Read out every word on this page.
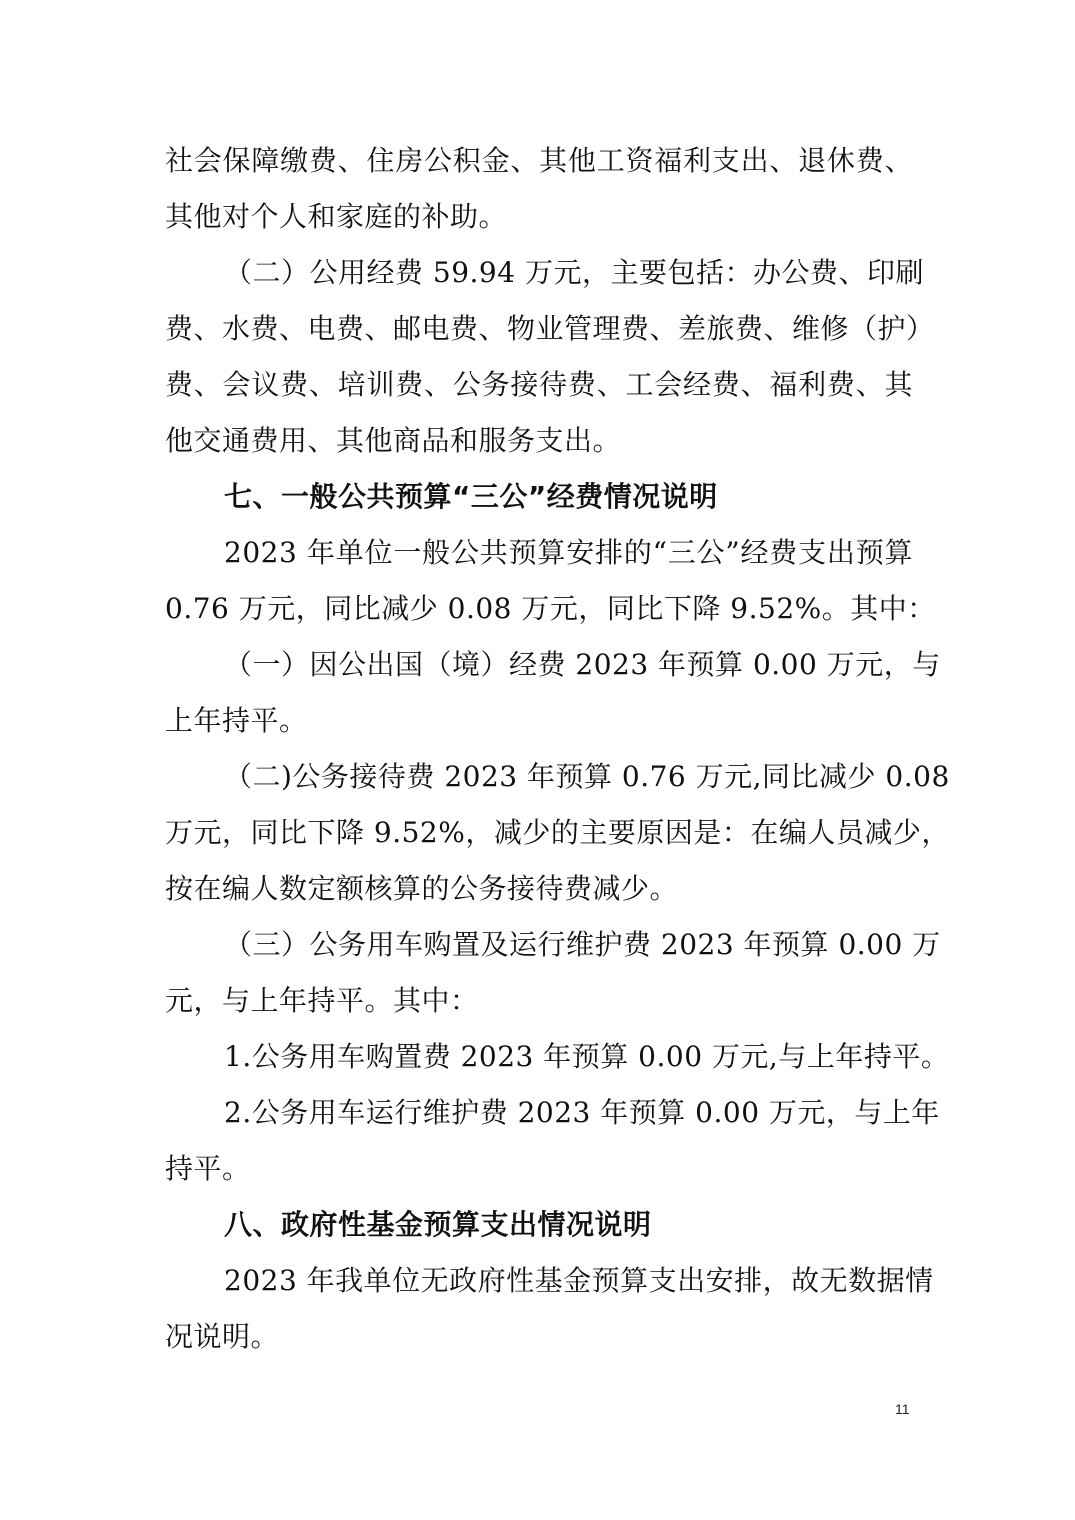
社会保障缴费、住房公积金、其他工资福利支出、退休费、
其他对个人和家庭的补助。
（二）公用经费 59.94 万元，主要包括：办公费、印刷
费、水费、电费、邮电费、物业管理费、差旅费、维修（护）
费、会议费、培训费、公务接待费、工会经费、福利费、其
他交通费用、其他商品和服务支出。
七、一般公共预算“三公”经费情况说明
2023 年单位一般公共预算安排的“三公”经费支出预算
0.76 万元，同比减少 0.08 万元，同比下降 9.52%。其中：
（一）因公出国（境）经费 2023 年预算 0.00 万元，与
上年持平。
（二)公务接待费 2023 年预算 0.76 万元,同比减少 0.08
万元，同比下降 9.52%，减少的主要原因是：在编人员减少，
按在编人数定额核算的公务接待费减少。
（三）公务用车购置及运行维护费 2023 年预算 0.00 万
元，与上年持平。其中：
1.公务用车购置费 2023 年预算 0.00 万元,与上年持平。
2.公务用车运行维护费 2023 年预算 0.00 万元，与上年
持平。
八、政府性基金预算支出情况说明
2023 年我单位无政府性基金预算支出安排，故无数据情
况说明。
11
